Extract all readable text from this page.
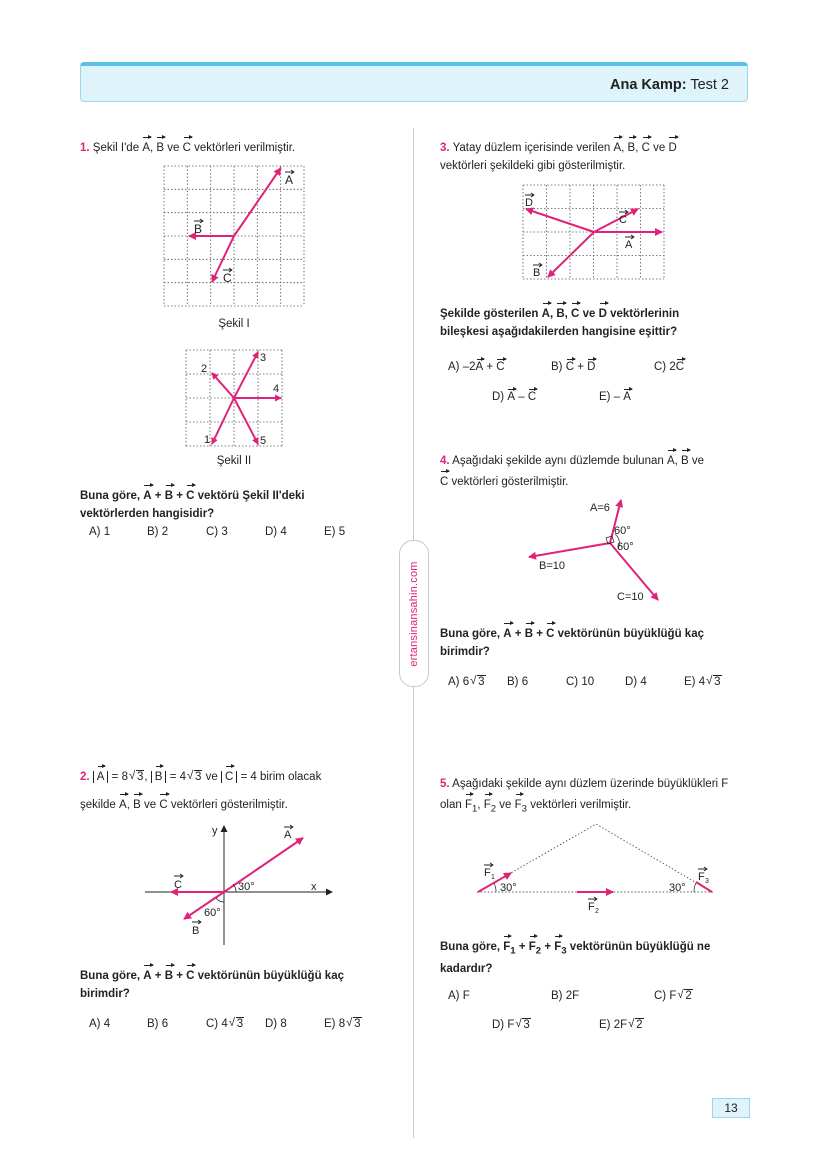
Ana Kamp: Test 2
ertansinansahin.com
1. Şekil I'de A, B ve C vektörleri verilmiştir.
A
B
C
Şekil I
1
2
3
4
5
Şekil II
Buna göre, A + B + C vektörü Şekil II'deki
vektörlerden hangisidir?
A) 1	B) 2	C) 3	D) 4	E) 5
2. A = 8 √ 3, B = 4 √ 3 ve C = 4 birim olacak
şekilde A, B ve C vektörleri gösterilmiştir.
30°
60°
x
y	A
C
B
Buna göre, A + B + C vektörünün büyüklüğü kaç
birimdir?
A) 4	B) 6	C) 4 √ 3 D) 8	E) 8 √ 3
3. Yatay düzlem içerisinde verilen A, B, C ve D
vektörleri şekildeki gibi gösterilmiştir.
D
C
A
B
Şekilde gösterilen A, B, C ve D vektörlerinin
bileşkesi aşağıdakilerden hangisine eşittir?
A) –2A + C	B) C + D	C) 2C
D) A – C	E) – A
4. Aşağıdaki şekilde aynı düzlemde bulunan A, B ve
C vektörleri gösterilmiştir.
A=6
60°
60°
B=10
C=10
Buna göre, A + B + C vektörünün büyüklüğü kaç
birimdir?
A) 6 √ 3 B) 6	C) 10	D) 4	E) 4 √ 3
5. Aşağıdaki şekilde aynı düzlem üzerinde büyüklükleri F
olan $F_1$, $F_2$ ve $F_3$ vektörleri verilmiştir.
30°	30°
F 1
F 2
F 3
Buna göre, $F_1 + F_2 + F_3$ vektörünün büyüklüğü ne
kadardır?
A) F	B) 2F	C) F √ 2
D) F √ 3	E) 2F √ 2
13
